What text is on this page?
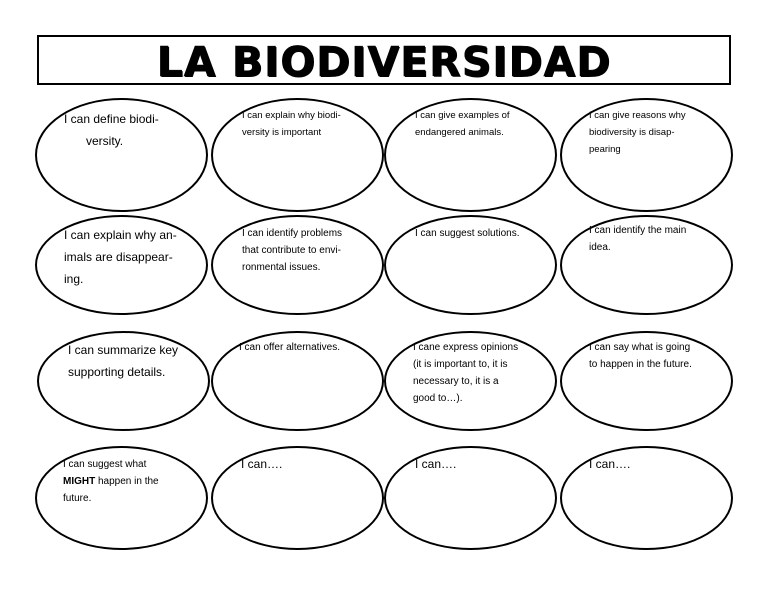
LA BIODIVERSIDAD
I can define biodi-
versity.
I can explain why biodi-
versity is important
I can give examples of
endangered animals.
I can give reasons why
biodiversity is disap-
pearing
I can explain why an-
imals are disappear-
ing.
I can identify problems
that contribute to envi-
ronmental issues.
I can suggest solutions.	I can identify the main
idea.
I can summarize key
supporting details.
I can offer alternatives.	I cane express opinions
(it is important to, it is
necessary to, it is a
good to…).
I can say what is going
to happen in the future.
I can suggest what
MIGHT happen in the
future.
I can….	I can….	I can….
